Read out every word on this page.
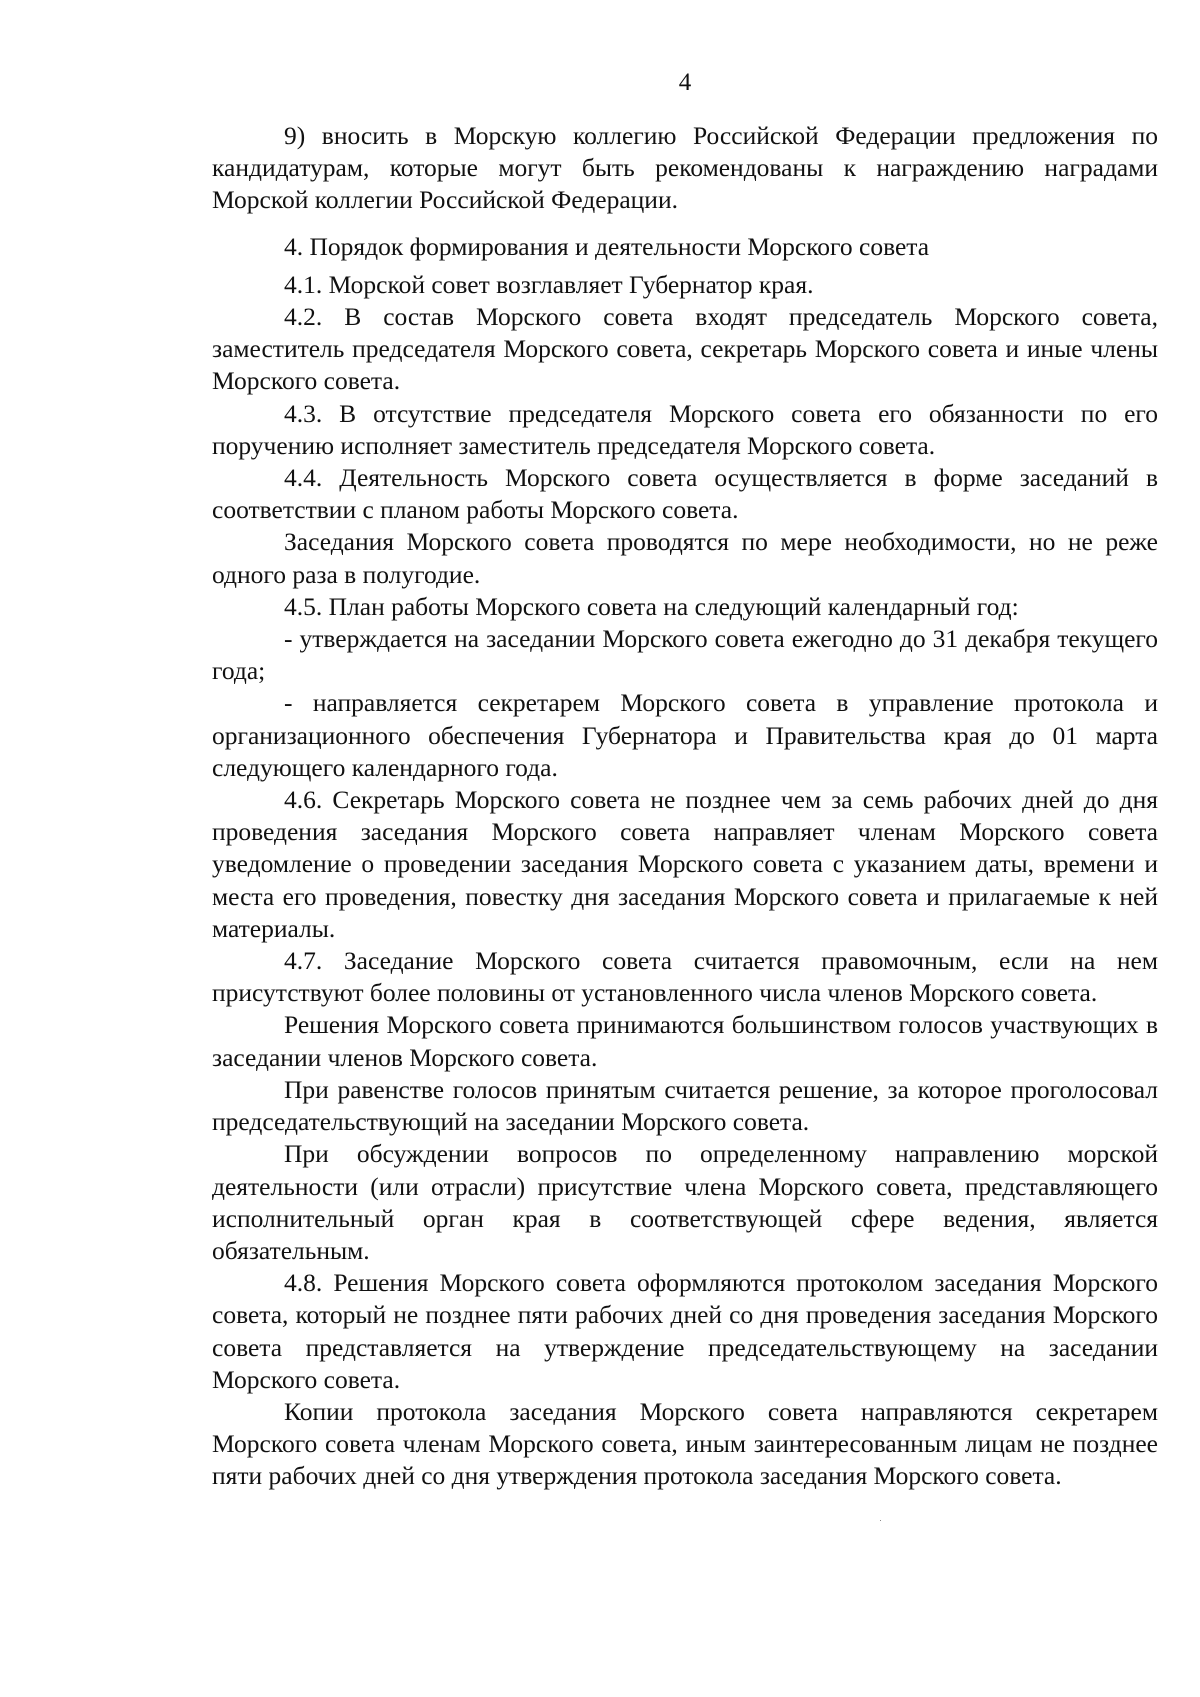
4

9) вносить в Морскую коллегию Российской Федерации предложения по кандидатурам, которые могут быть рекомендованы к награждению наградами Морской коллегии Российской Федерации.

4. Порядок формирования и деятельности Морского совета

4.1. Морской совет возглавляет Губернатор края.

4.2. В состав Морского совета входят председатель Морского совета, заместитель председателя Морского совета, секретарь Морского совета и иные члены Морского совета.

4.3. В отсутствие председателя Морского совета его обязанности по его поручению исполняет заместитель председателя Морского совета.

4.4. Деятельность Морского совета осуществляется в форме заседаний в соответствии с планом работы Морского совета.

Заседания Морского совета проводятся по мере необходимости, но не реже одного раза в полугодие.

4.5. План работы Морского совета на следующий календарный год:

- утверждается на заседании Морского совета ежегодно до 31 декабря текущего года;

- направляется секретарем Морского совета в управление протокола и организационного обеспечения Губернатора и Правительства края до 01 марта следующего календарного года.

4.6. Секретарь Морского совета не позднее чем за семь рабочих дней до дня проведения заседания Морского совета направляет членам Морского совета уведомление о проведении заседания Морского совета с указанием даты, времени и места его проведения, повестку дня заседания Морского совета и прилагаемые к ней материалы.

4.7. Заседание Морского совета считается правомочным, если на нем присутствуют более половины от установленного числа членов Морского совета.

Решения Морского совета принимаются большинством голосов участвующих в заседании членов Морского совета.

При равенстве голосов принятым считается решение, за которое проголосовал председательствующий на заседании Морского совета.

При обсуждении вопросов по определенному направлению морской деятельности (или отрасли) присутствие члена Морского совета, представляющего исполнительный орган края в соответствующей сфере ведения, является обязательным.

4.8. Решения Морского совета оформляются протоколом заседания Морского совета, который не позднее пяти рабочих дней со дня проведения заседания Морского совета представляется на утверждение председательствующему на заседании Морского совета.

Копии протокола заседания Морского совета направляются секретарем Морского совета членам Морского совета, иным заинтересованным лицам не позднее пяти рабочих дней со дня утверждения протокола заседания Морского совета.
